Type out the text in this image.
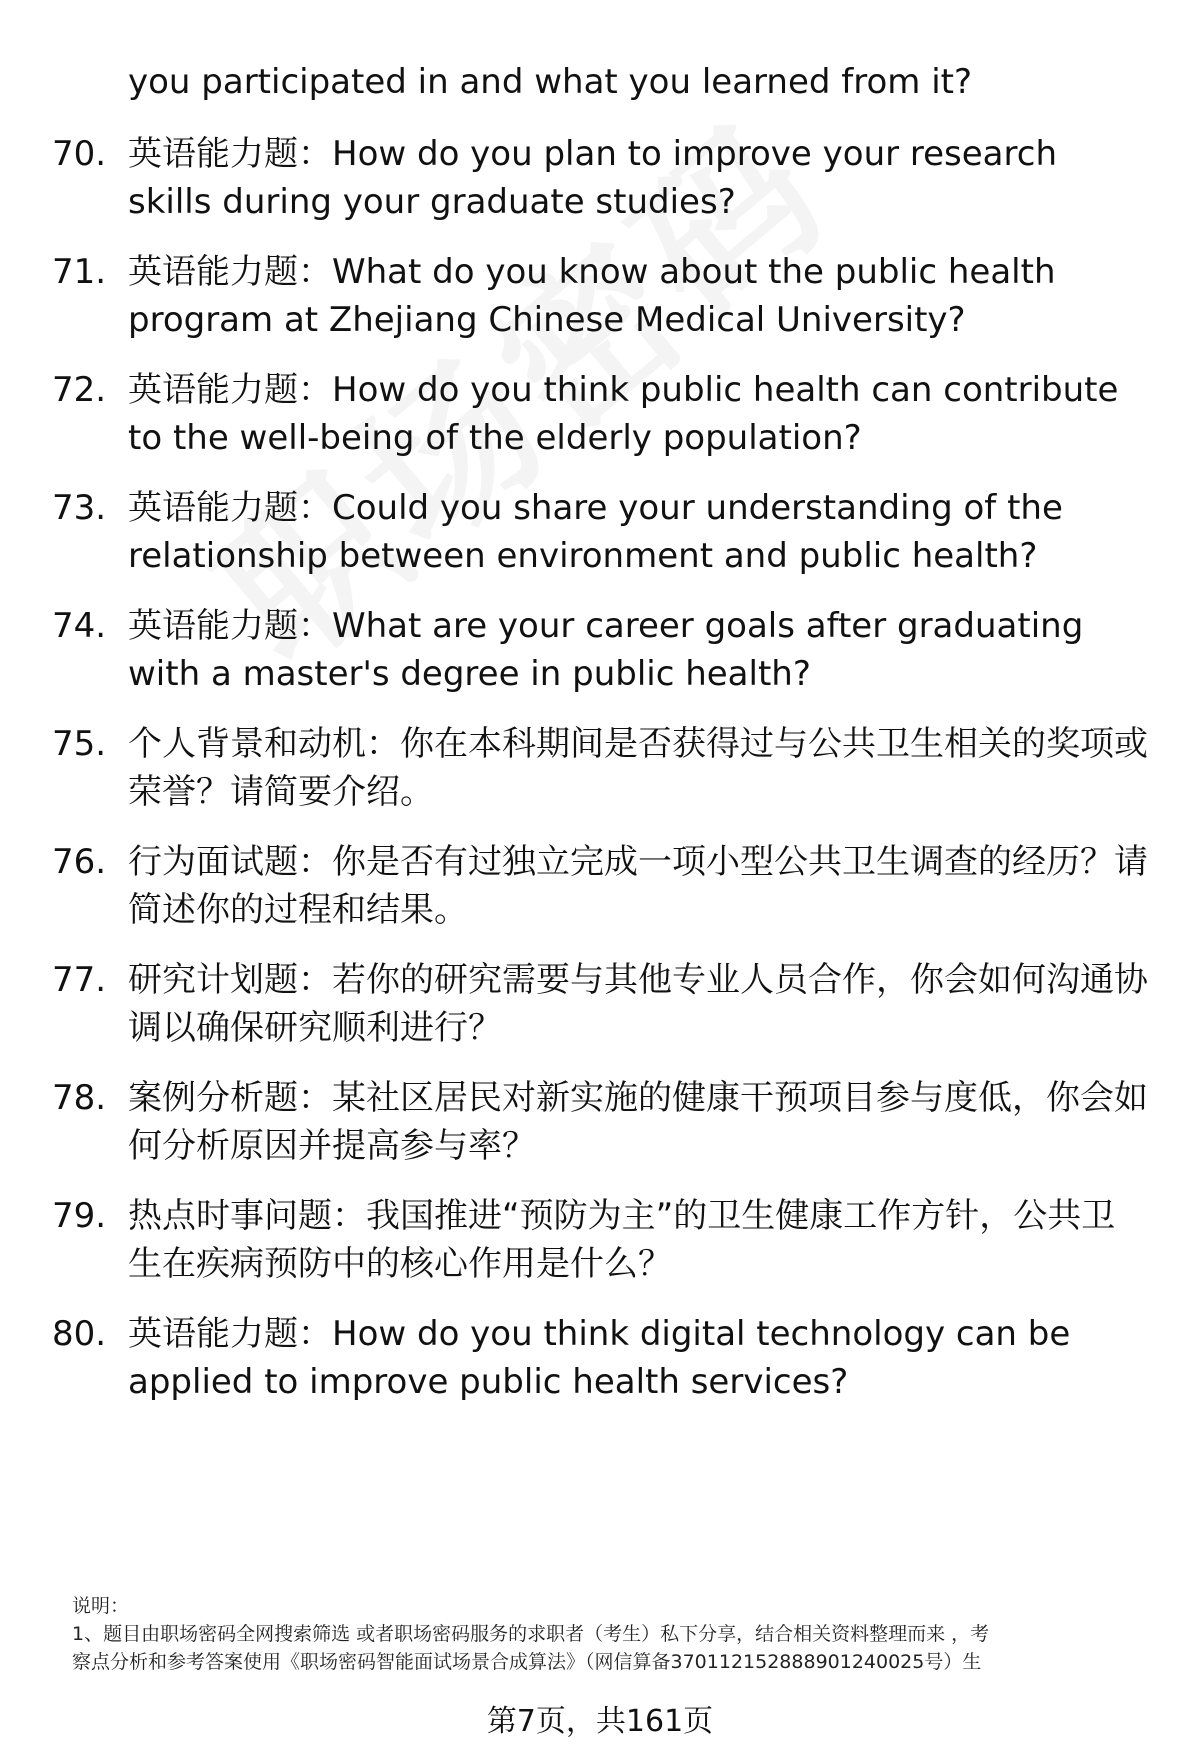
you participated in and what you learned from it?
70. 英语能力题：How do you plan to improve your research skills during your graduate studies?
71. 英语能力题：What do you know about the public health program at Zhejiang Chinese Medical University?
72. 英语能力题：How do you think public health can contribute to the well-being of the elderly population?
73. 英语能力题：Could you share your understanding of the relationship between environment and public health?
74. 英语能力题：What are your career goals after graduating with a master's degree in public health?
75. 个人背景和动机：你在本科期间是否获得过与公共卫生相关的奖项或荣誉？请简要介绍。
76. 行为面试题：你是否有过独立完成一项小型公共卫生调查的经历？请简述你的过程和结果。
77. 研究计划题：若你的研究需要与其他专业人员合作，你会如何沟通协调以确保研究顺利进行？
78. 案例分析题：某社区居民对新实施的健康干预项目参与度低，你会如何分析原因并提高参与率？
79. 热点时事问题：我国推进“预防为主”的卫生健康工作方针，公共卫生在疾病预防中的核心作用是什么？
80. 英语能力题：How do you think digital technology can be applied to improve public health services?
说明：
1、题目由职场密码全网搜索筛选 或者职场密码服务的求职者（考生）私下分享，结合相关资料整理而来 ，考
察点分析和参考答案使用《职场密码智能面试场景合成算法》（网信算备370112152888901240025号）生
第7页，共161页
